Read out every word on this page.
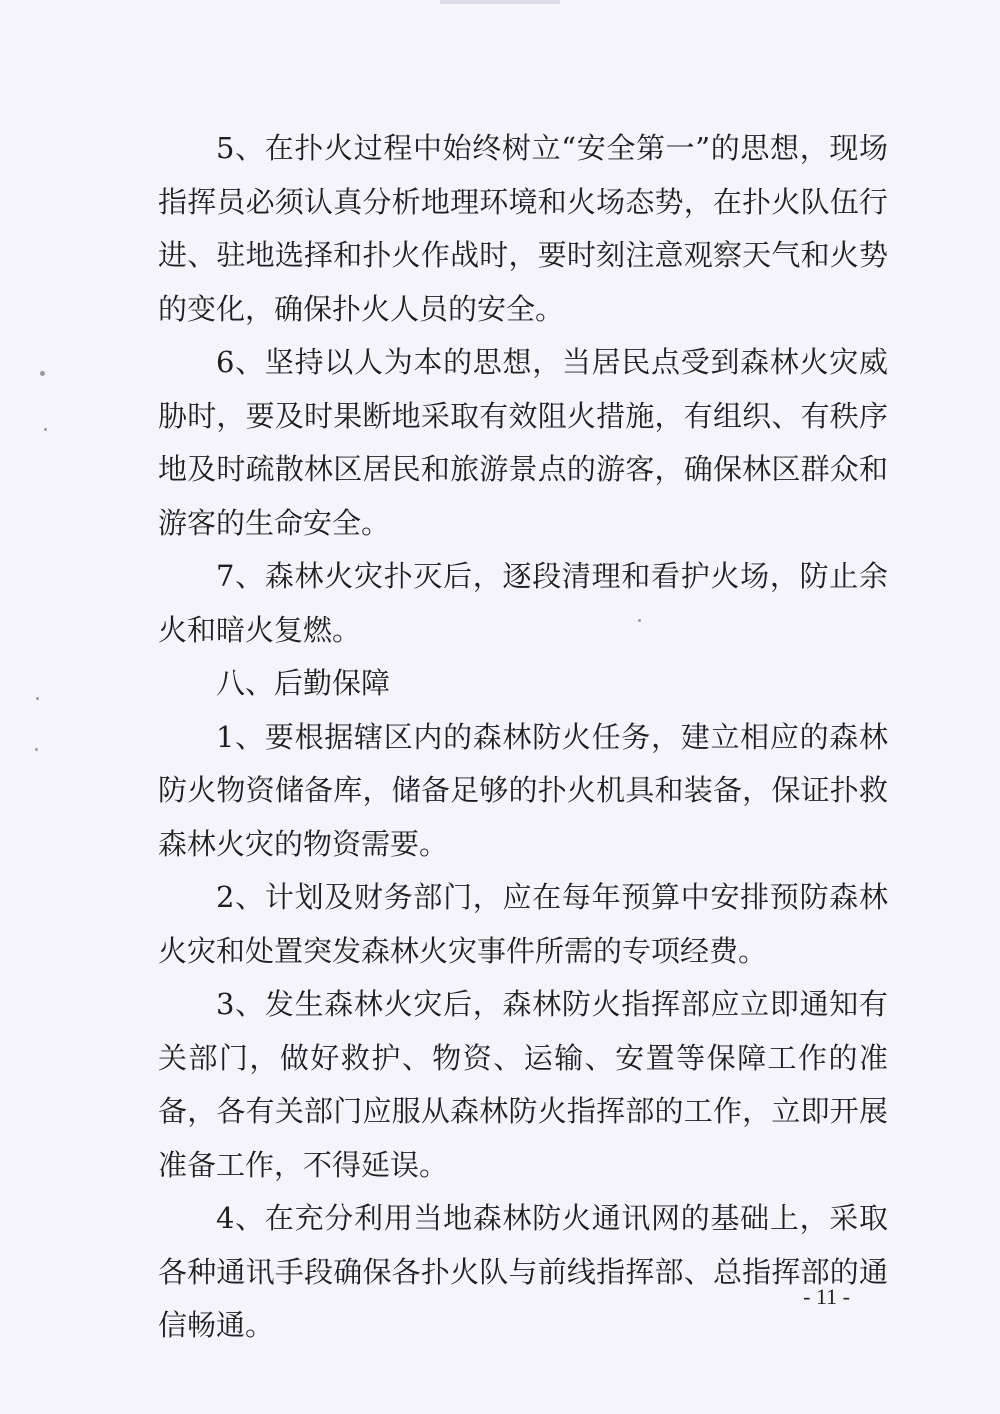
5、在扑火过程中始终树立“安全第一”的思想，现场指挥员必须认真分析地理环境和火场态势，在扑火队伍行进、驻地选择和扑火作战时，要时刻注意观察天气和火势的变化，确保扑火人员的安全。

6、坚持以人为本的思想，当居民点受到森林火灾威胁时，要及时果断地采取有效阻火措施，有组织、有秩序地及时疏散林区居民和旅游景点的游客，确保林区群众和游客的生命安全。

7、森林火灾扑灭后，逐段清理和看护火场，防止余火和暗火复燃。

八、后勤保障

1、要根据辖区内的森林防火任务，建立相应的森林防火物资储备库，储备足够的扑火机具和装备，保证扑救森林火灾的物资需要。

2、计划及财务部门，应在每年预算中安排预防森林火灾和处置突发森林火灾事件所需的专项经费。

3、发生森林火灾后，森林防火指挥部应立即通知有关部门，做好救护、物资、运输、安置等保障工作的准备，各有关部门应服从森林防火指挥部的工作，立即开展准备工作，不得延误。

4、在充分利用当地森林防火通讯网的基础上，采取各种通讯手段确保各扑火队与前线指挥部、总指挥部的通信畅通。

- 11 -
